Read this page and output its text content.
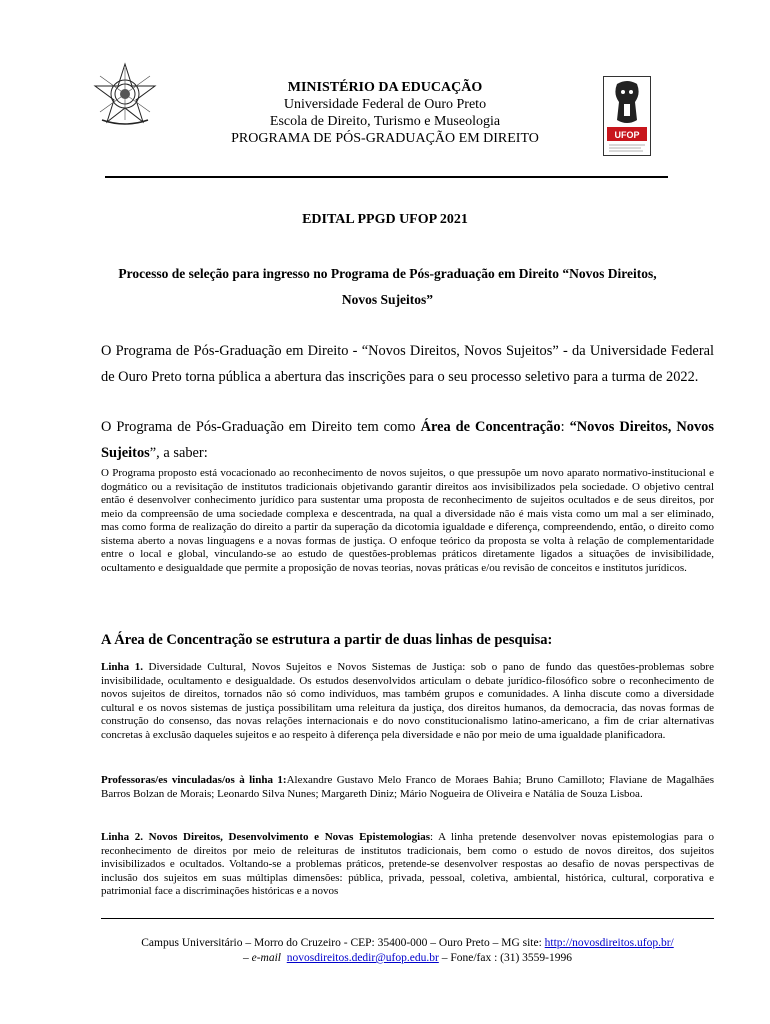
MINISTÉRIO DA EDUCAÇÃO
Universidade Federal de Ouro Preto
Escola de Direito, Turismo e Museologia
PROGRAMA DE PÓS-GRADUAÇÃO EM DIREITO	UFOP
EDITAL PPGD UFOP 2021
Processo de seleção para ingresso no Programa de Pós-graduação em Direito “Novos Direitos, Novos Sujeitos”

O Programa de Pós-Graduação em Direito - “Novos Direitos, Novos Sujeitos” - da Universidade Federal de Ouro Preto torna pública a abertura das inscrições para o seu processo seletivo para a turma de 2022.

O Programa de Pós-Graduação em Direito tem como Área de Concentração: “Novos Direitos, Novos Sujeitos”, a saber:

O Programa proposto está vocacionado ao reconhecimento de novos sujeitos, o que pressupõe um novo aparato normativo-institucional e dogmático ou a revisitação de institutos tradicionais objetivando garantir direitos aos invisibilizados pela sociedade. O objetivo central então é desenvolver conhecimento jurídico para sustentar uma proposta de reconhecimento de sujeitos ocultados e de seus direitos, por meio da compreensão de uma sociedade complexa e descentrada, na qual a diversidade não é mais vista como um mal a ser eliminado, mas como forma de realização do direito a partir da superação da dicotomia igualdade e diferença, compreendendo, então, o direito como sistema aberto a novas linguagens e a novas formas de justiça. O enfoque teórico da proposta se volta à relação de complementaridade entre o local e global, vinculando-se ao estudo de questões-problemas práticos diretamente ligados a situações de invisibilidade, ocultamento e desigualdade que permite a proposição de novas teorias, novas práticas e/ou revisão de conceitos e institutos jurídicos.

A Área de Concentração se estrutura a partir de duas linhas de pesquisa:

Linha 1. Diversidade Cultural, Novos Sujeitos e Novos Sistemas de Justiça: sob o pano de fundo das questões-problemas sobre invisibilidade, ocultamento e desigualdade. Os estudos desenvolvidos articulam o debate jurídico-filosófico sobre o reconhecimento de novos sujeitos de direitos, tornados não só como indivíduos, mas também grupos e comunidades. A linha discute como a diversidade cultural e os novos sistemas de justiça possibilitam uma releitura da justiça, dos direitos humanos, da democracia, das novas formas de construção do consenso, das novas relações internacionais e do novo constitucionalismo latino-americano, a fim de criar alternativas concretas à exclusão daqueles sujeitos e ao respeito à diferença pela diversidade e não por meio de uma igualdade planificadora.

Professoras/es vinculadas/os à linha 1:Alexandre Gustavo Melo Franco de Moraes Bahia; Bruno Camilloto; Flaviane de Magalhães Barros Bolzan de Morais; Leonardo Silva Nunes; Margareth Diniz; Mário Nogueira de Oliveira e Natália de Souza Lisboa.

Linha 2. Novos Direitos, Desenvolvimento e Novas Epistemologias: A linha pretende desenvolver novas epistemologias para o reconhecimento de direitos por meio de releituras de institutos tradicionais, bem como o estudo de novos direitos, dos sujeitos invisibilizados e ocultados. Voltando-se a problemas práticos, pretende-se desenvolver respostas ao desafio de novas perspectivas de inclusão dos sujeitos em suas múltiplas dimensões: pública, privada, pessoal, coletiva, ambiental, histórica, cultural, corporativa e patrimonial face a discriminações históricas e a novos

Campus Universitário – Morro do Cruzeiro - CEP: 35400-000 – Ouro Preto – MG site: http://novosdireitos.ufop.br/
– e-mail novosdireitos.dedir@ufop.edu.br – Fone/fax : (31) 3559-1996
